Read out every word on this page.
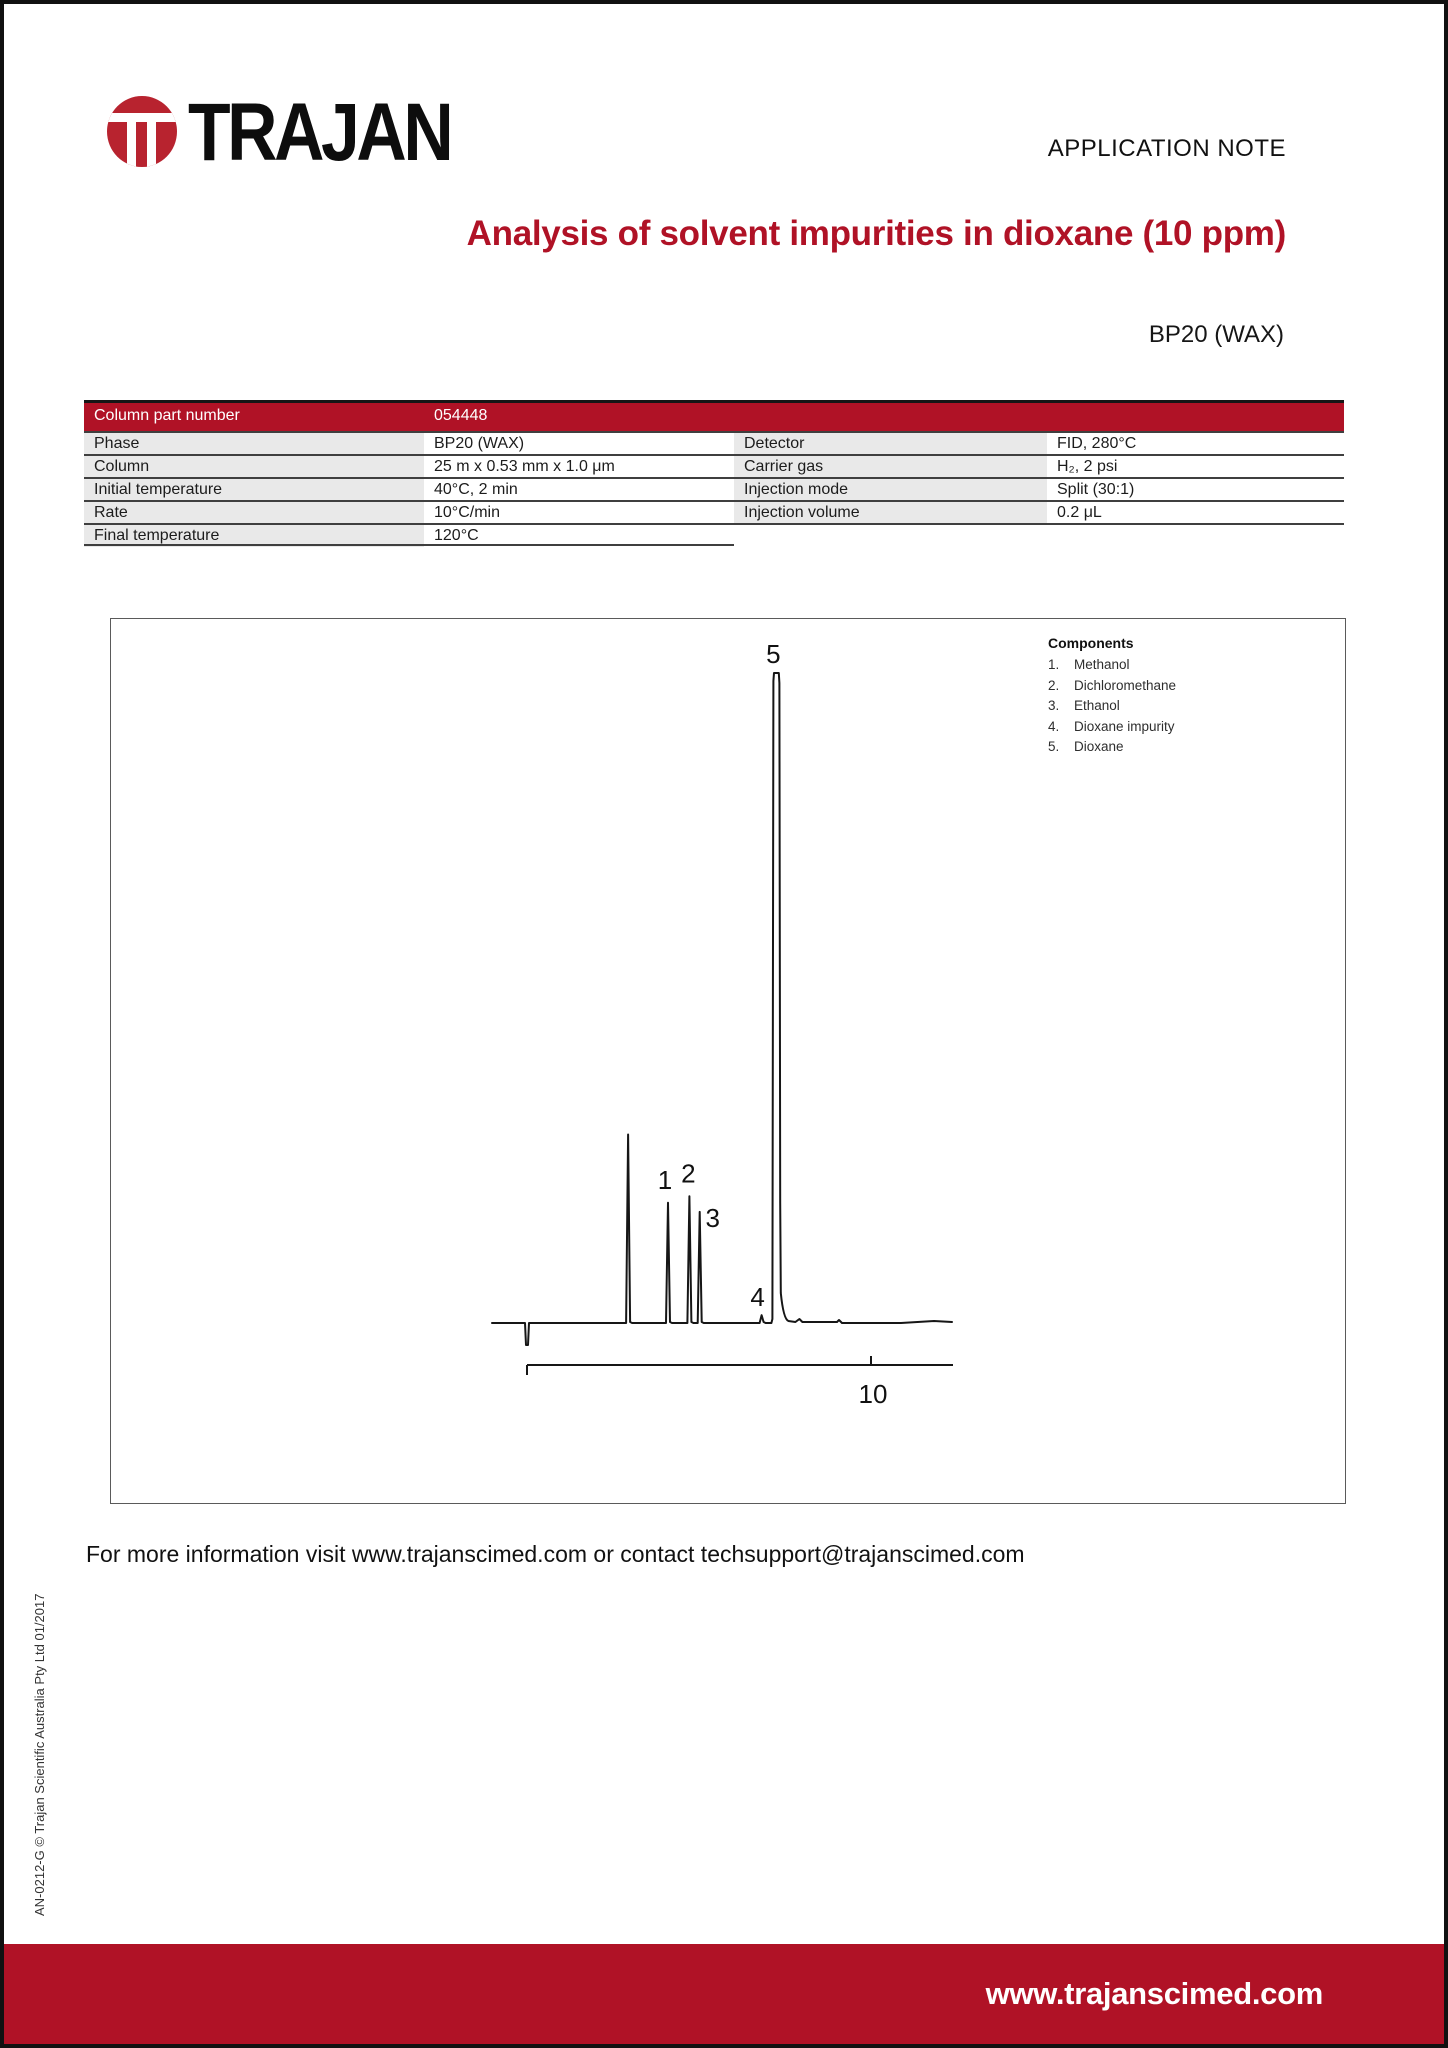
TRAJAN	APPLICATION NOTE
Analysis of solvent impurities in dioxane (10 ppm)
BP20 (WAX)
Column part number	054448
Phase	BP20 (WAX)	Detector	FID, 280°C
Column	25 m x 0.53 mm x 1.0 μm	Carrier gas	H₂, 2 psi
Initial temperature	40°C, 2 min	Injection mode	Split (30:1)
Rate	10°C/min	Injection volume	0.2 μL
Final temperature	120°C
1 2
3
4
5
10
Components
1.	Methanol
2.	Dichloromethane
3.	Ethanol
4.	Dioxane impurity
5.	Dioxane
For more information visit www.trajanscimed.com or contact techsupport@trajanscimed.com
AN-0212-G © Trajan Scientific Australia Pty Ltd 01/2017
www.trajanscimed.com
